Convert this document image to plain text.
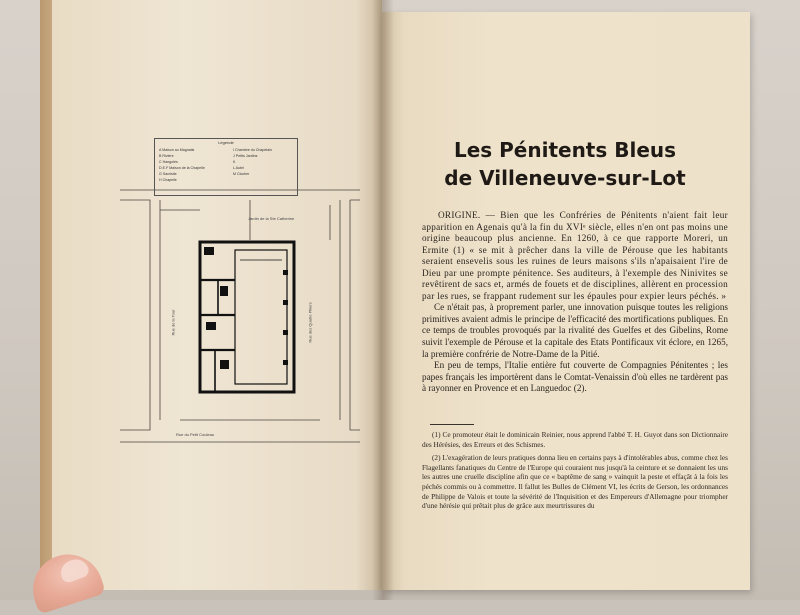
Légende
A Maison au Magnatis
B Rivière
C Hangolés
D.E.F Maison de la Chapelle
G Sacristie
H Chapelle
I Chambre du Chapelain
J Petits Jardins
K
L Autel
M Clocher
Jardin de la Ste Catherine
Rue de la Tour	Rue des Quatre Piliers
Rue du Petit Couleau
Les Pénitents Bleus
de Villeneuve-sur-Lot

ORIGINE. — Bien que les Confréries de Pénitents n'aient fait leur apparition en Agenais qu'à la fin du XVIᵉ siècle, elles n'en ont pas moins une origine beaucoup plus ancienne. En 1260, à ce que rapporte Moreri, un Ermite (1) « se mit à prêcher dans la ville de Pérouse que les habitants seraient ensevelis sous les ruines de leurs maisons s'ils n'apaisaient l'ire de Dieu par une prompte pénitence. Ses auditeurs, à l'exemple des Ninivites se revêtirent de sacs et, armés de fouets et de disciplines, allèrent en procession par les rues, se frappant rudement sur les épaules pour expier leurs péchés. »

Ce n'était pas, à proprement parler, une innovation puisque toutes les religions primitives avaient admis le principe de l'efficacité des mortifications publiques. En ce temps de troubles provoqués par la rivalité des Guelfes et des Gibelins, Rome suivit l'exemple de Pérouse et la capitale des Etats Pontificaux vit éclore, en 1265, la première confrérie de Notre-Dame de la Pitié.

En peu de temps, l'Italie entière fut couverte de Compagnies Pénitentes ; les papes français les importèrent dans le Comtat-Venaissin d'où elles ne tardèrent pas à rayonner en Provence et en Languedoc (2).

(1) Ce promoteur était le dominicain Reinier, nous apprend l'abbé T. H. Guyot dans son Dictionnaire des Hérésies, des Erreurs et des Schismes.

(2) L'exagération de leurs pratiques donna lieu en certains pays à d'intolérables abus, comme chez les Flagellants fanatiques du Centre de l'Europe qui couraient nus jusqu'à la ceinture et se donnaient les uns les autres une cruelle discipline afin que ce « baptême de sang » vainquit la peste et effaçât à la fois les péchés commis ou à commettre. Il fallut les Bulles de Clément VI, les écrits de Gerson, les ordonnances de Philippe de Valois et toute la sévérité de l'Inquisition et des Empereurs d'Allemagne pour triompher d'une hérésie qui prêtait plus de grâce aux meurtrissures du
